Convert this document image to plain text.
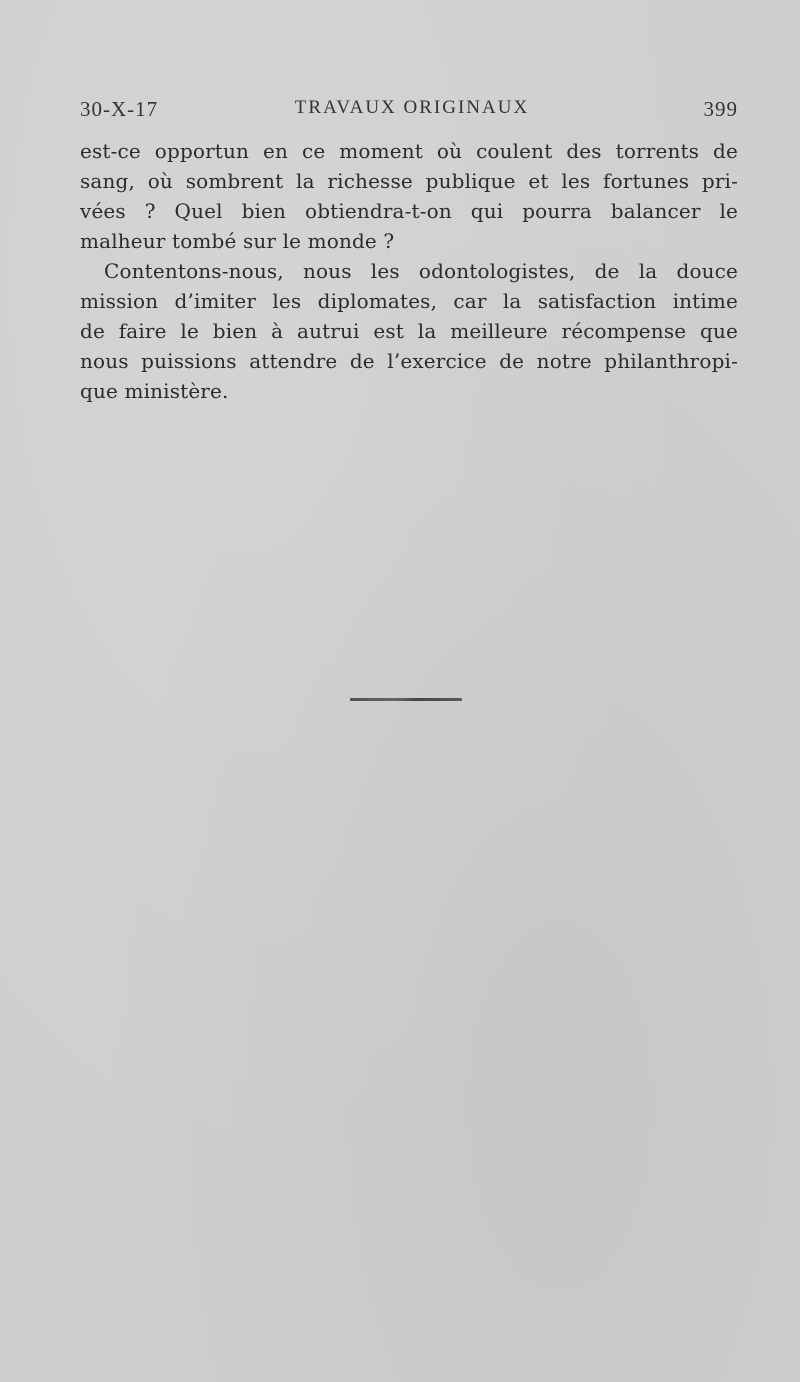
30-X-17	TRAVAUX ORIGINAUX	399

est-ce opportun en ce moment où coulent des torrents de
sang, où sombrent la richesse publique et les fortunes pri-
vées ? Quel bien obtiendra-t-on qui pourra balancer le
malheur tombé sur le monde ?

Contentons-nous, nous les odontologistes, de la douce
mission d’imiter les diplomates, car la satisfaction intime
de faire le bien à autrui est la meilleure récompense que
nous puissions attendre de l’exercice de notre philanthropi-
que ministère.
